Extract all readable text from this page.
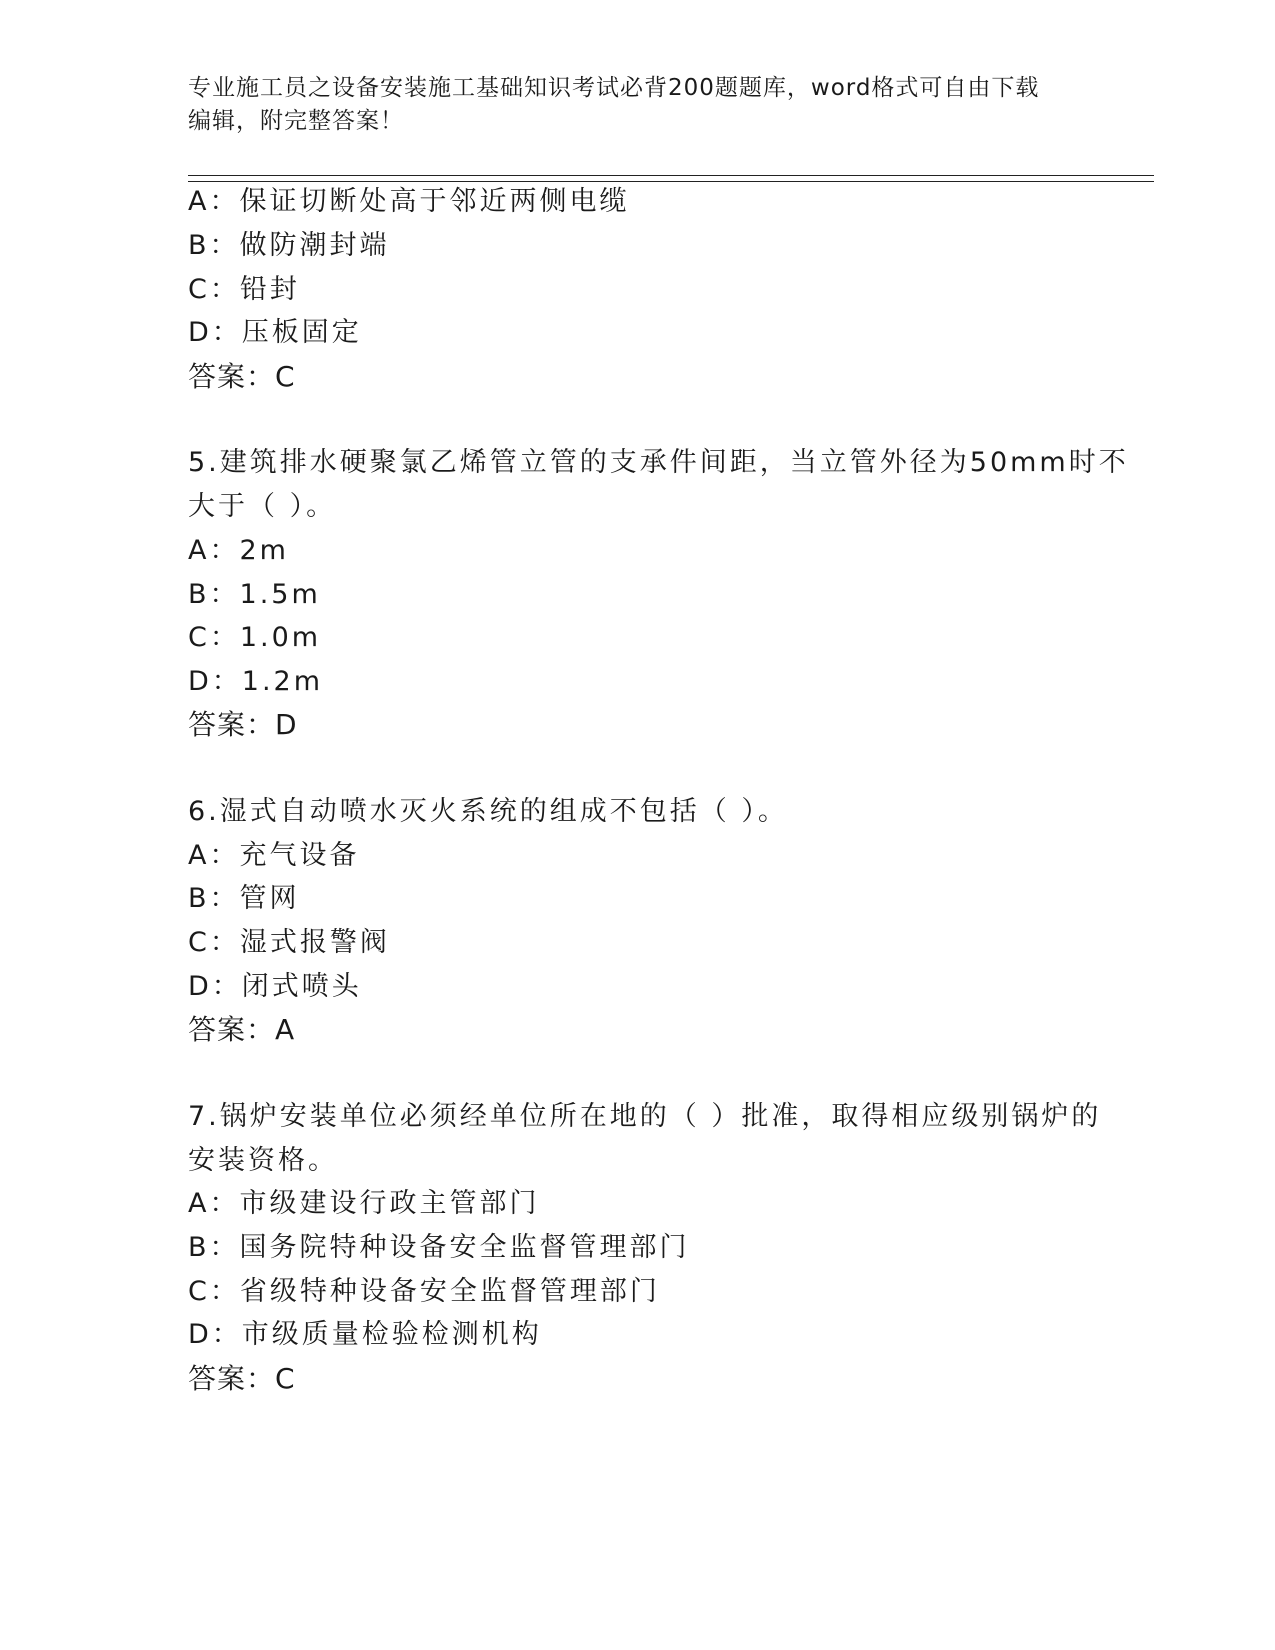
专业施工员之设备安装施工基础知识考试必背200题题库，word格式可自由下载
编辑，附完整答案！
A：保证切断处高于邻近两侧电缆
B：做防潮封端
C：铅封
D：压板固定
答案：C
5.建筑排水硬聚氯乙烯管立管的支承件间距，当立管外径为50mm时不
大于（ ）。
A：2m
B：1.5m
C：1.0m
D：1.2m
答案：D
6.湿式自动喷水灭火系统的组成不包括（ ）。
A：充气设备
B：管网
C：湿式报警阀
D：闭式喷头
答案：A
7.锅炉安装单位必须经单位所在地的（ ）批准，取得相应级别锅炉的
安装资格。
A：市级建设行政主管部门
B：国务院特种设备安全监督管理部门
C：省级特种设备安全监督管理部门
D：市级质量检验检测机构
答案：C
